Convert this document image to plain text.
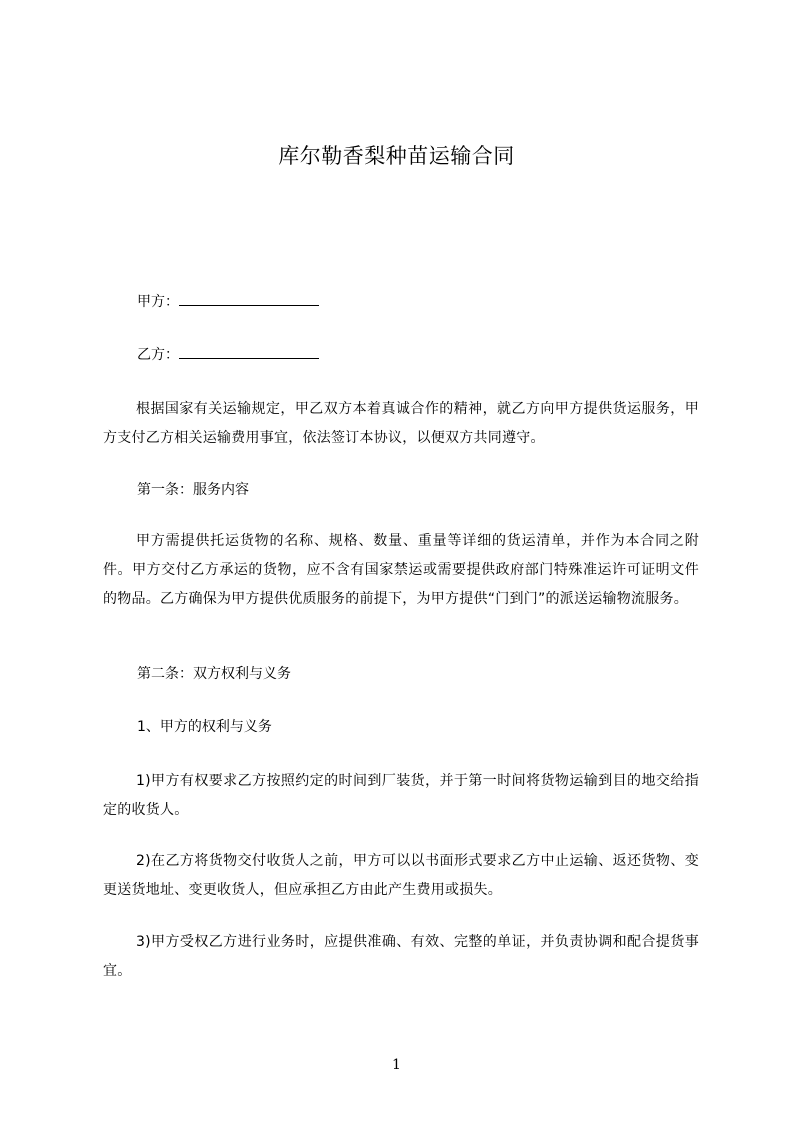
库尔勒香梨种苗运输合同
甲方：
乙方：
根据国家有关运输规定，甲乙双方本着真诚合作的精神，就乙方向甲方提供货运服务，甲方支付乙方相关运输费用事宜，依法签订本协议，以便双方共同遵守。
第一条：服务内容
甲方需提供托运货物的名称、规格、数量、重量等详细的货运清单，并作为本合同之附件。甲方交付乙方承运的货物，应不含有国家禁运或需要提供政府部门特殊准运许可证明文件的物品。乙方确保为甲方提供优质服务的前提下，为甲方提供“门到门”的派送运输物流服务。
第二条：双方权利与义务
1、甲方的权利与义务
1)甲方有权要求乙方按照约定的时间到厂装货，并于第一时间将货物运输到目的地交给指定的收货人。
2)在乙方将货物交付收货人之前，甲方可以以书面形式要求乙方中止运输、返还货物、变更送货地址、变更收货人，但应承担乙方由此产生费用或损失。
3)甲方受权乙方进行业务时，应提供准确、有效、完整的单证，并负责协调和配合提货事宜。
1
